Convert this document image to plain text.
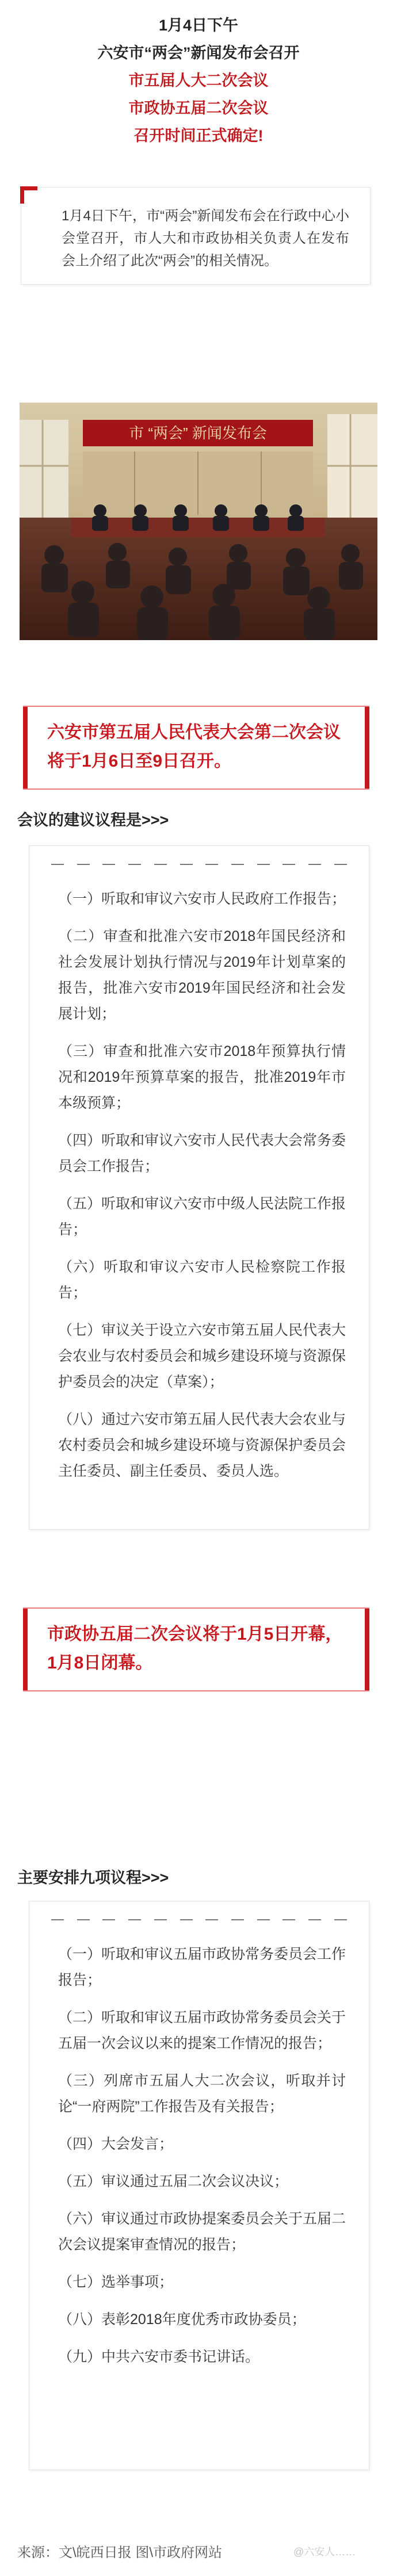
1月4日下午
六安市“两会”新闻发布会召开
市五届人大二次会议
市政协五届二次会议
召开时间正式确定!
1月4日下午，市“两会”新闻发布会在行政中心小会堂召开，市人大和市政协相关负责人在发布会上介绍了此次“两会”的相关情况。
市 “两会” 新闻发布会
六安市第五届人民代表大会第二次会议将于1月6日至9日召开。
会议的建议议程是>>>
（一）听取和审议六安市人民政府工作报告；
（二）审查和批准六安市2018年国民经济和社会发展计划执行情况与2019年计划草案的报告，批准六安市2019年国民经济和社会发展计划；
（三）审查和批准六安市2018年预算执行情况和2019年预算草案的报告，批准2019年市本级预算；
（四）听取和审议六安市人民代表大会常务委员会工作报告；
（五）听取和审议六安市中级人民法院工作报告；
（六）听取和审议六安市人民检察院工作报告；
（七）审议关于设立六安市第五届人民代表大会农业与农村委员会和城乡建设环境与资源保护委员会的决定（草案）；
（八）通过六安市第五届人民代表大会农业与农村委员会和城乡建设环境与资源保护委员会主任委员、副主任委员、委员人选。
市政协五届二次会议将于1月5日开幕，1月8日闭幕。
主要安排九项议程>>>
（一）听取和审议五届市政协常务委员会工作报告；
（二）听取和审议五届市政协常务委员会关于五届一次会议以来的提案工作情况的报告；
（三）列席市五届人大二次会议，听取并讨论“一府两院”工作报告及有关报告；
（四）大会发言；
（五）审议通过五届二次会议决议；
（六）审议通过市政协提案委员会关于五届二次会议提案审查情况的报告；
（七）选举事项；
（八）表彰2018年度优秀市政协委员；
（九）中共六安市委书记讲话。
来源：文\皖西日报 图\市政府网站	@六安人……
